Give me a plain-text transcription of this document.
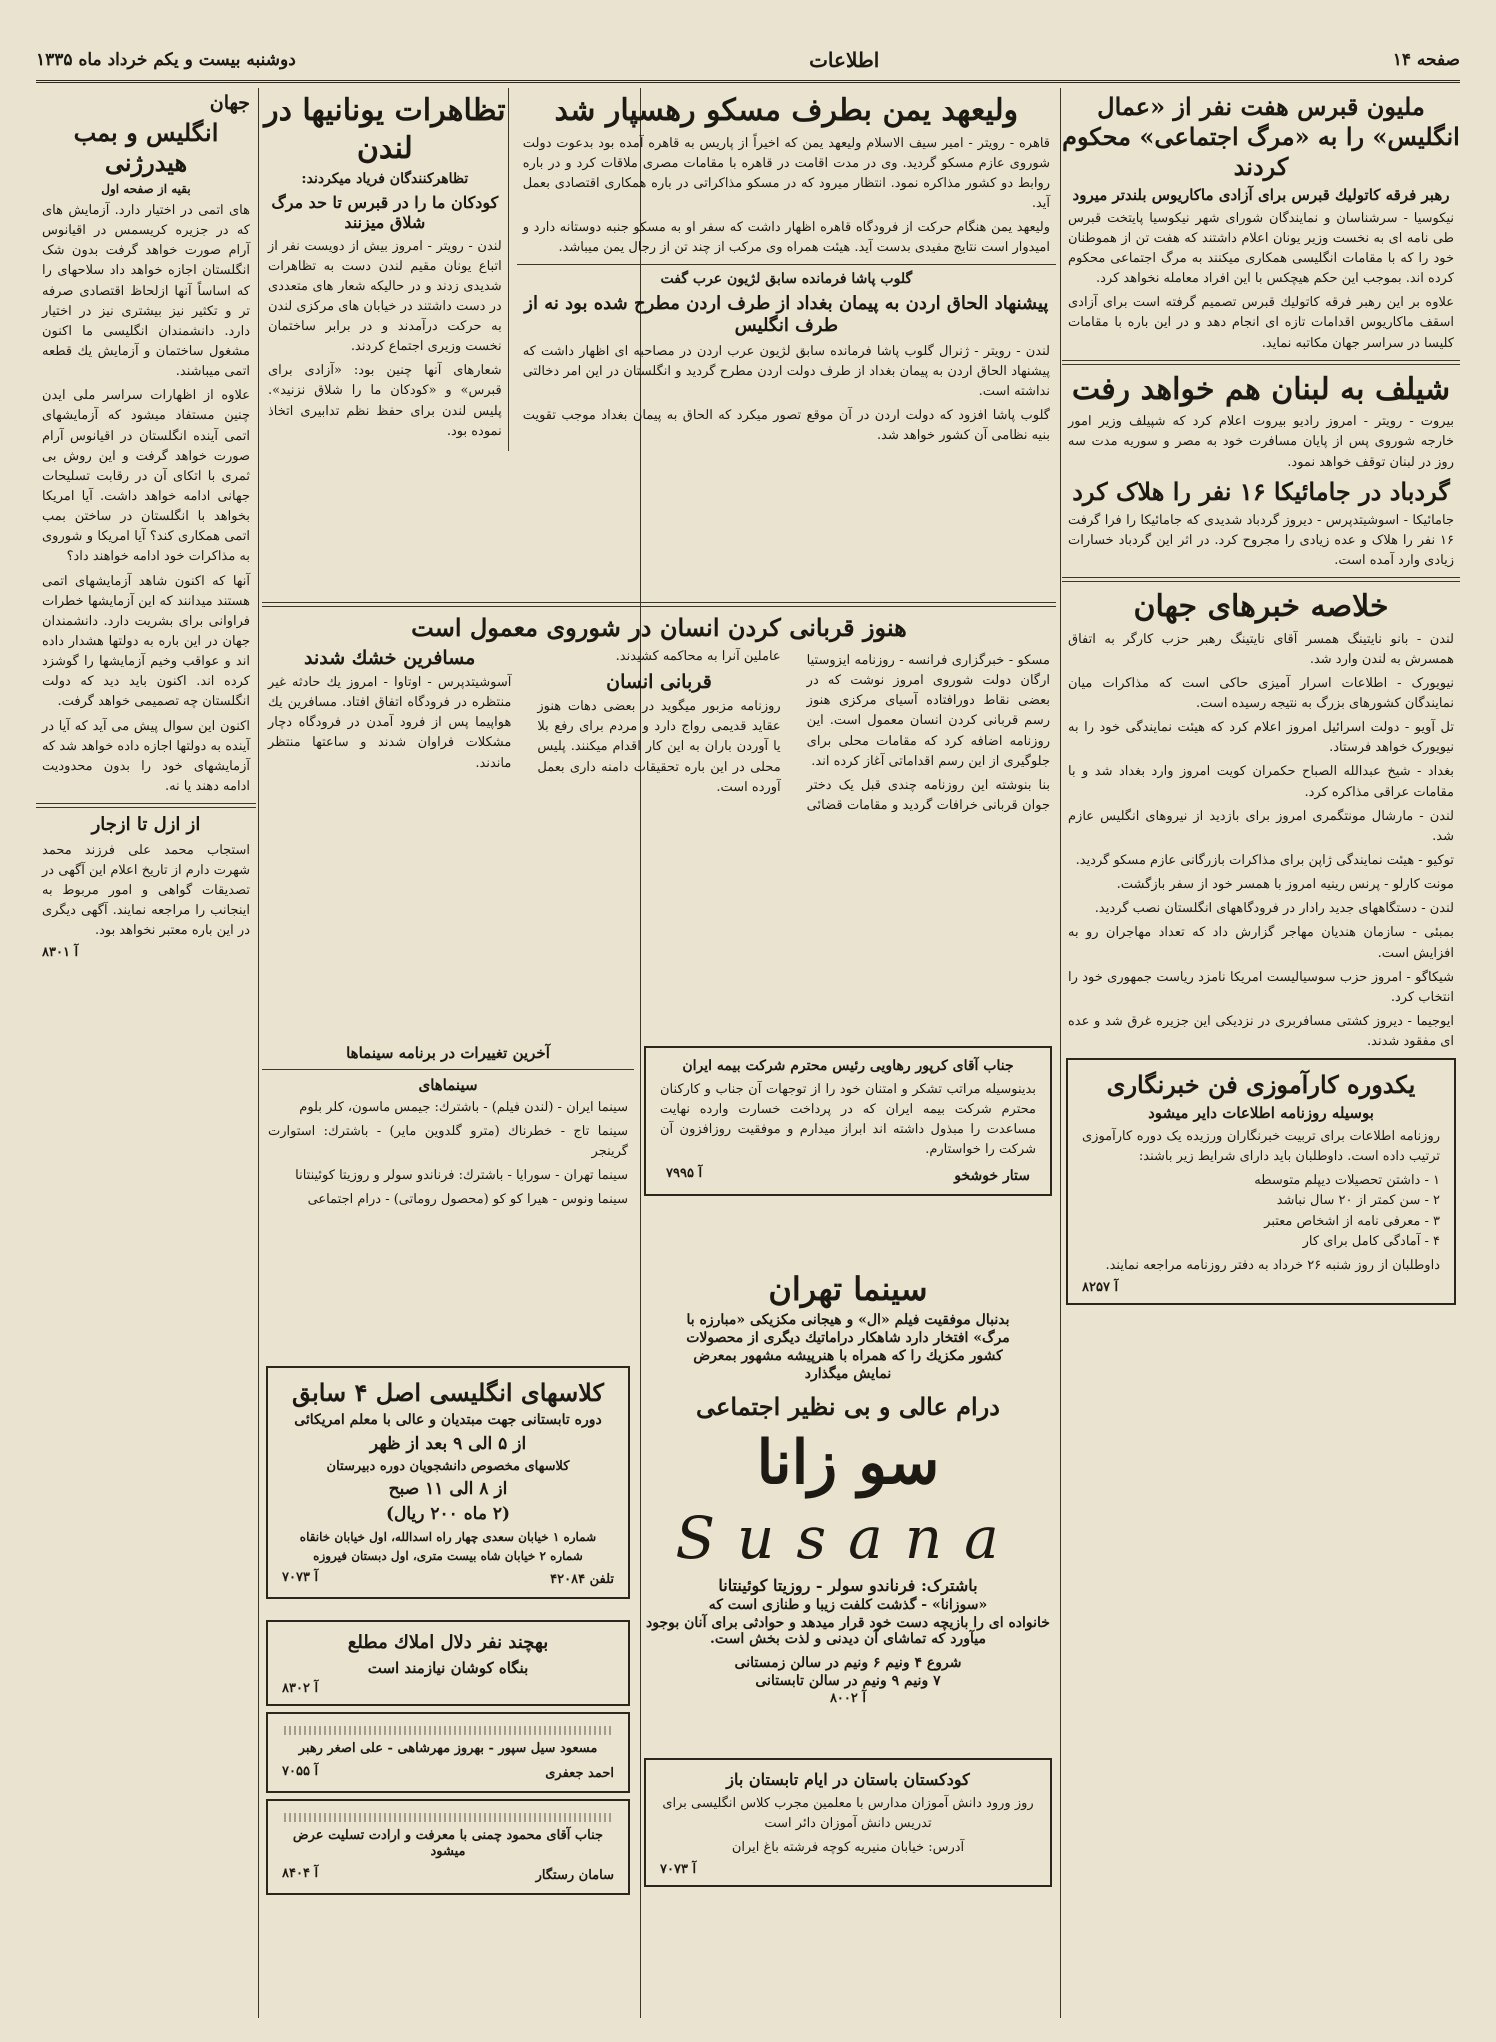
صفحه ۱۴
اطلاعات
دوشنبه بیست و یکم خرداد ماه ۱۳۳۵
ملیون قبرس هفت نفر از «عمال انگلیس» را به «مرگ اجتماعی» محکوم کردند
رهبر فرقه کاتولیك قبرس برای آزادی ماکاریوس بلندتر میرود
نیکوسیا - سرشناسان و نمایندگان شورای شهر نیکوسیا پایتخت قبرس طی نامه ای به نخست وزیر یونان اعلام داشتند که هفت تن از هموطنان خود را که با مقامات انگلیسی همکاری میکنند به مرگ اجتماعی محکوم کرده اند. بموجب این حکم هیچکس با این افراد معامله نخواهد کرد.
علاوه بر این رهبر فرقه کاتولیك قبرس تصمیم گرفته است برای آزادی اسقف ماکاریوس اقدامات تازه ای انجام دهد و در این باره با مقامات کلیسا در سراسر جهان مکاتبه نماید.
شیلف به لبنان هم خواهد رفت
بیروت - رویتر - امروز رادیو بیروت اعلام کرد که شپیلف وزیر امور خارجه شوروی پس از پایان مسافرت خود به مصر و سوریه مدت سه روز در لبنان توقف خواهد نمود.
گردباد در جامائیکا ۱۶ نفر را هلاک کرد
جامائیکا - اسوشیتدپرس - دیروز گردباد شدیدی که جامائیکا را فرا گرفت ۱۶ نفر را هلاک و عده زیادی را مجروح کرد. در اثر این گردباد خسارات زیادی وارد آمده است.
خلاصه خبرهای جهان
لندن - بانو نایتینگ همسر آقای نایتینگ رهبر حزب کارگر به اتفاق همسرش به لندن وارد شد.
نیویورک - اطلاعات اسرار آمیزی حاکی است که مذاکرات میان نمایندگان کشورهای بزرگ به نتیجه رسیده است.
تل آویو - دولت اسرائیل امروز اعلام کرد که هیئت نمایندگی خود را به نیویورک خواهد فرستاد.
بغداد - شیخ عبدالله الصباح حکمران کویت امروز وارد بغداد شد و با مقامات عراقی مذاکره کرد.
لندن - مارشال مونتگمری امروز برای بازدید از نیروهای انگلیس عازم شد.
توکیو - هیئت نمایندگی ژاپن برای مذاکرات بازرگانی عازم مسکو گردید.
مونت کارلو - پرنس رینیه امروز با همسر خود از سفر بازگشت.
لندن - دستگاههای جدید رادار در فرودگاههای انگلستان نصب گردید.
بمبئی - سازمان هندیان مهاجر گزارش داد که تعداد مهاجران رو به افزایش است.
شیکاگو - امروز حزب سوسیالیست امریکا نامزد ریاست جمهوری خود را انتخاب کرد.
ایوجیما - دیروز کشتی مسافربری در نزدیکی این جزیره غرق شد و عده ای مفقود شدند.
یکدوره کارآموزی فن خبرنگاری
بوسیله روزنامه اطلاعات دایر میشود
روزنامه اطلاعات برای تربیت خبرنگاران ورزیده یک دوره کارآموزی ترتیب داده است. داوطلبان باید دارای شرایط زیر باشند:
۱ - داشتن تحصیلات دیپلم متوسطه
۲ - سن کمتر از ۲۰ سال نباشد
۳ - معرفی نامه از اشخاص معتبر
۴ - آمادگی کامل برای کار
داوطلبان از روز شنبه ۲۶ خرداد به دفتر روزنامه مراجعه نمایند.
آ ۸۲۵۷
ولیعهد یمن بطرف مسکو رهسپار شد
قاهره - رویتر - امیر سیف الاسلام ولیعهد یمن که اخیراً از پاریس به قاهره آمده بود بدعوت دولت شوروی عازم مسکو گردید. وی در مدت اقامت در قاهره با مقامات مصری ملاقات کرد و در باره روابط دو کشور مذاکره نمود. انتظار میرود که در مسکو مذاکراتی در باره همکاری اقتصادی بعمل آید.
ولیعهد یمن هنگام حرکت از فرودگاه قاهره اظهار داشت که سفر او به مسکو جنبه دوستانه دارد و امیدوار است نتایج مفیدی بدست آید. هیئت همراه وی مرکب از چند تن از رجال یمن میباشد.
گلوب پاشا فرمانده سابق لژیون عرب گفت
پیشنهاد الحاق اردن به پیمان بغداد از طرف اردن مطرح شده بود نه از طرف انگلیس
لندن - رویتر - ژنرال گلوب پاشا فرمانده سابق لژیون عرب اردن در مصاحبه ای اظهار داشت که پیشنهاد الحاق اردن به پیمان بغداد از طرف دولت اردن مطرح گردید و انگلستان در این امر دخالتی نداشته است.
گلوب پاشا افزود که دولت اردن در آن موقع تصور میکرد که الحاق به پیمان بغداد موجب تقویت بنیه نظامی آن کشور خواهد شد.
تظاهرات یونانیها در لندن
تظاهرکنندگان فریاد میکردند:
کودکان ما را در قبرس تا حد مرگ شلاق میزنند
لندن - رویتر - امروز بیش از دویست نفر از اتباع یونان مقیم لندن دست به تظاهرات شدیدی زدند و در حالیکه شعار های متعددی در دست داشتند در خیابان های مرکزی لندن به حرکت درآمدند و در برابر ساختمان نخست وزیری اجتماع کردند.
شعارهای آنها چنین بود: «آزادی برای قبرس» و «کودکان ما را شلاق نزنید». پلیس لندن برای حفظ نظم تدابیری اتخاذ نموده بود.
هنوز قربانی کردن انسان در شوروی معمول است
مسکو - خبرگزاری فرانسه - روزنامه ایزوستیا ارگان دولت شوروی امروز نوشت که در بعضی نقاط دورافتاده آسیای مرکزی هنوز رسم قربانی کردن انسان معمول است. این روزنامه اضافه کرد که مقامات محلی برای جلوگیری از این رسم اقداماتی آغاز کرده اند.
بنا بنوشته این روزنامه چندی قبل یک دختر جوان قربانی خرافات گردید و مقامات قضائی عاملین آنرا به محاکمه کشیدند.
قربانی انسان
روزنامه مزبور میگوید در بعضی دهات هنوز عقاید قدیمی رواج دارد و مردم برای رفع بلا یا آوردن باران به این کار اقدام میکنند. پلیس محلی در این باره تحقیقات دامنه داری بعمل آورده است.
مسافرین خشك شدند
آسوشیتدپرس - اوتاوا - امروز یك حادثه غیر منتظره در فرودگاه اتفاق افتاد. مسافرین یك هواپیما پس از فرود آمدن در فرودگاه دچار مشکلات فراوان شدند و ساعتها منتظر ماندند.
جناب آقای کرپور رهاویی رئیس محترم شرکت بیمه ایران
بدینوسیله مراتب تشکر و امتنان خود را از توجهات آن جناب و کارکنان محترم شرکت بیمه ایران که در پرداخت خسارت وارده نهایت مساعدت را مبذول داشته اند ابراز میدارم و موفقیت روزافزون آن شرکت را خواستارم.
ستار خوشخو
آ ۷۹۹۵
آخرین تغییرات در برنامه سینماها
سینماهای
سینما ایران - (لندن فیلم) - باشترك: جیمس ماسون، کلر بلوم
سینما تاج - خطرناك (مترو گلدوین مایر) - باشترك: استوارت گرینجر
سینما تهران - سورایا - باشترك: فرناندو سولر و روزیتا کوئینتانا
سینما ونوس - هیرا کو کو (محصول روماتی) - درام اجتماعی
کلاسهای انگلیسی اصل ۴ سابق
دوره تابستانی جهت مبتدیان و عالی با معلم امریکائی
از ۵ الی ۹ بعد از ظهر
کلاسهای مخصوص دانشجویان دوره دبیرستان
از ۸ الی ۱۱ صبح
(۲ ماه ۲۰۰ ریال)
شماره ۱ خیابان سعدی چهار راه اسدالله، اول خیابان خانقاه
شماره ۲ خیابان شاه بیست متری، اول دبستان فیروزه
تلفن ۴۲۰۸۴
آ ۷۰۷۳
بهچند نفر دلال املاك مطلع
بنگاه کوشان نیازمند است
آ ۸۳۰۲
مسعود سیل سپور - بهروز مهرشاهی - علی اصغر رهبر
احمد جعفری
آ ۷۰۵۵
جناب آقای محمود چمنی با معرفت و ارادت تسلیت عرض میشود
سامان رستگار
آ ۸۴۰۴
سینما تهران
بدنبال موفقیت فیلم «ال» و هیجانی مکزیکی «مبارزه با
مرگ» افتخار دارد شاهکار دراماتیك دیگری از محصولات
کشور مکزیك را که همراه با هنرپیشه مشهور بمعرض
نمایش میگذارد
درام عالی و بی نظیر اجتماعی
سو زانا
Susana
باشترک: فرناندو سولر - روزیتا کوئینتانا
«سوزانا» - گذشت کلفت زیبا و طنازی است که
خانواده ای را بازیچه دست خود قرار میدهد و حوادثی برای آنان بوجود میآورد که تماشای آن دیدنی و لذت بخش است.
شروع ۴ ونیم ۶ ونیم در سالن زمستانی
۷ ونیم ۹ ونیم در سالن تابستانی
آ ۸۰۰۲
کودکستان باستان در ایام تابستان باز
روز ورود دانش آموزان مدارس با معلمین مجرب کلاس انگلیسی برای تدریس دانش آموزان دائر است
آدرس: خیابان منیریه کوچه فرشته باغ ایران
آ ۷۰۷۳
جهان
انگلیس و بمب هیدرژنی
بقیه از صفحه اول
های اتمی در اختیار دارد. آزمایش های که در جزیره کریسمس در اقیانوس آرام صورت خواهد گرفت بدون شک انگلستان اجازه خواهد داد سلاحهای را که اساساً آنها ازلحاظ اقتصادی صرفه تر و تکثیر نیز بیشتری نیز در اختیار دارد. دانشمندان انگلیسی ما اکنون مشغول ساختمان و آزمایش یك قطعه اتمی میباشند.
علاوه از اظهارات سراسر ملی ایدن چنین مستفاد میشود که آزمایشهای اتمی آینده انگلستان در اقیانوس آرام صورت خواهد گرفت و این روش بی ثمری با اتکای آن در رقابت تسلیحات جهانی ادامه خواهد داشت. آیا امریکا بخواهد با انگلستان در ساختن بمب اتمی همکاری کند؟ آیا امریکا و شوروی به مذاکرات خود ادامه خواهند داد؟
آنها که اکنون شاهد آزمایشهای اتمی هستند میدانند که این آزمایشها خطرات فراوانی برای بشریت دارد. دانشمندان جهان در این باره به دولتها هشدار داده اند و عواقب وخیم آزمایشها را گوشزد کرده اند. اکنون باید دید که دولت انگلستان چه تصمیمی خواهد گرفت.
اکنون این سوال پیش می آید که آیا در آینده به دولتها اجازه داده خواهد شد که آزمایشهای خود را بدون محدودیت ادامه دهند یا نه.
از ازل تا ازجار
استجاب محمد علی فرزند محمد شهرت دارم از تاریخ اعلام این آگهی در تصدیقات گواهی و امور مربوط به اینجانب را مراجعه نمایند. آگهی دیگری در این باره معتبر نخواهد بود.
آ ۸۳۰۱
